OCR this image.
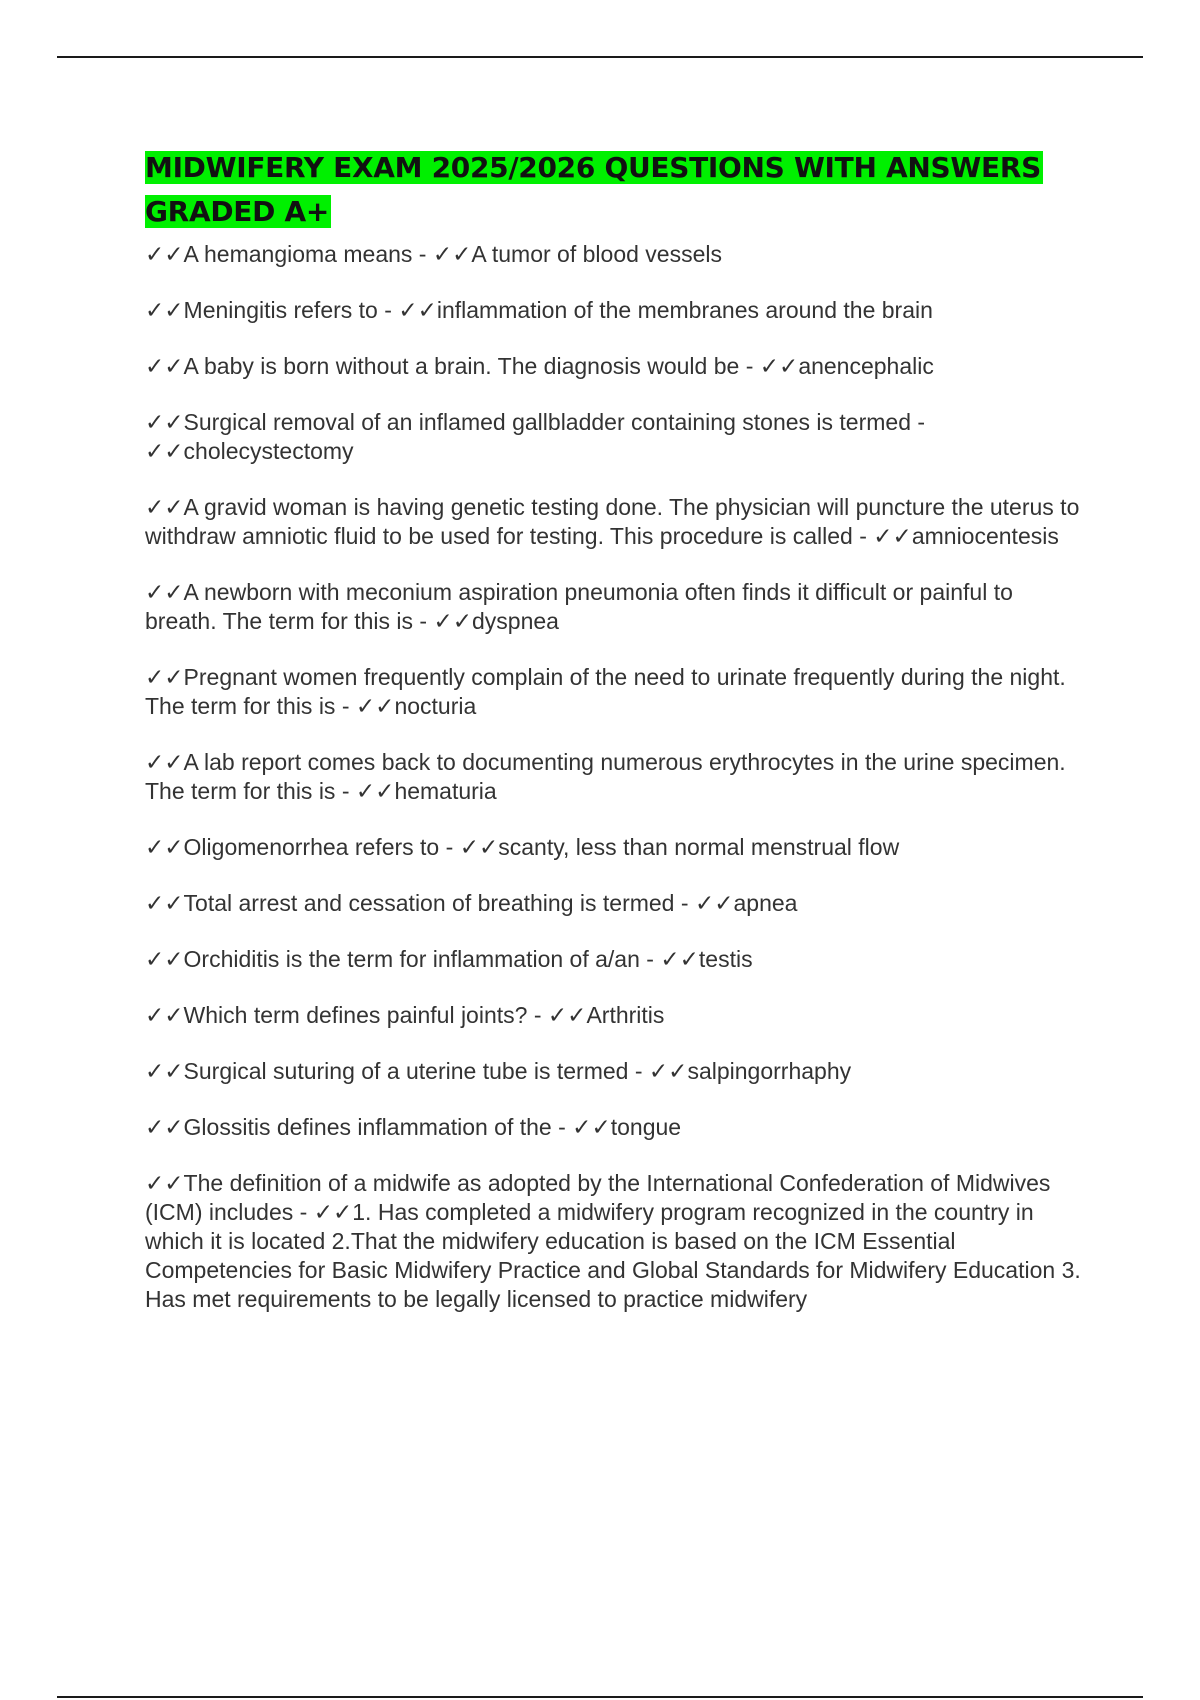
MIDWIFERY EXAM 2025/2026 QUESTIONS WITH ANSWERS GRADED A+

✓✓A hemangioma means - ✓✓A tumor of blood vessels

✓✓Meningitis refers to - ✓✓inflammation of the membranes around the brain

✓✓A baby is born without a brain. The diagnosis would be - ✓✓anencephalic

✓✓Surgical removal of an inflamed gallbladder containing stones is termed - ✓✓cholecystectomy

✓✓A gravid woman is having genetic testing done. The physician will puncture the uterus to withdraw amniotic fluid to be used for testing. This procedure is called - ✓✓amniocentesis

✓✓A newborn with meconium aspiration pneumonia often finds it difficult or painful to breath. The term for this is - ✓✓dyspnea

✓✓Pregnant women frequently complain of the need to urinate frequently during the night. The term for this is - ✓✓nocturia

✓✓A lab report comes back to documenting numerous erythrocytes in the urine specimen. The term for this is - ✓✓hematuria

✓✓Oligomenorrhea refers to - ✓✓scanty, less than normal menstrual flow

✓✓Total arrest and cessation of breathing is termed - ✓✓apnea

✓✓Orchiditis is the term for inflammation of a/an - ✓✓testis

✓✓Which term defines painful joints? - ✓✓Arthritis

✓✓Surgical suturing of a uterine tube is termed - ✓✓salpingorrhaphy

✓✓Glossitis defines inflammation of the - ✓✓tongue

✓✓The definition of a midwife as adopted by the International Confederation of Midwives (ICM) includes - ✓✓1. Has completed a midwifery program recognized in the country in which it is located 2.That the midwifery education is based on the ICM Essential Competencies for Basic Midwifery Practice and Global Standards for Midwifery Education 3. Has met requirements to be legally licensed to practice midwifery
